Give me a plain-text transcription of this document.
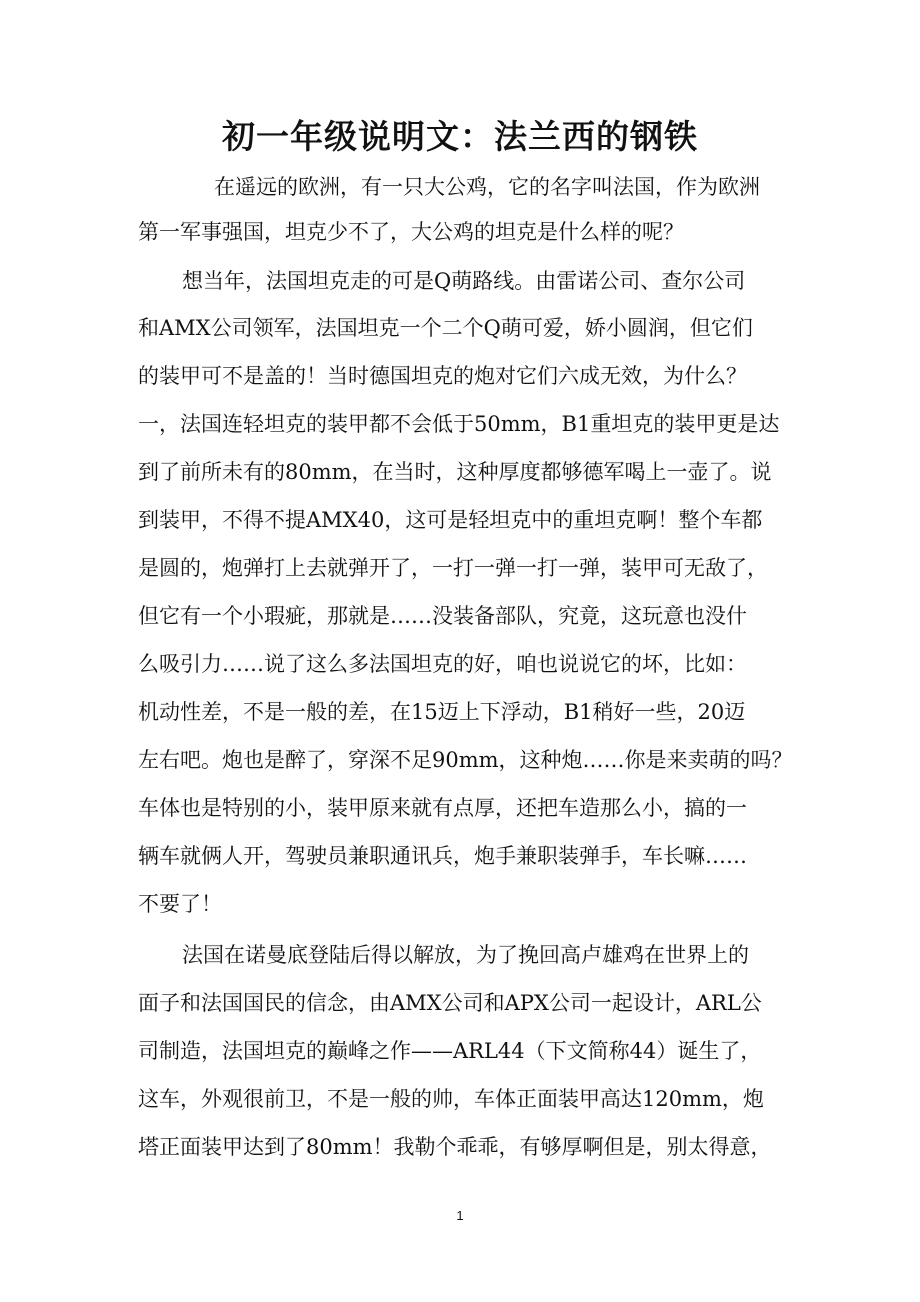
初一年级说明文：法兰西的钢铁
在遥远的欧洲，有一只大公鸡，它的名字叫法国，作为欧洲
第一军事强国，坦克少不了，大公鸡的坦克是什么样的呢？
想当年，法国坦克走的可是Q萌路线。由雷诺公司、查尔公司
和AMX公司领军，法国坦克一个二个Q萌可爱，娇小圆润，但它们
的装甲可不是盖的！当时德国坦克的炮对它们六成无效，为什么？
一，法国连轻坦克的装甲都不会低于50mm，B1重坦克的装甲更是达
到了前所未有的80mm，在当时，这种厚度都够德军喝上一壶了。说
到装甲，不得不提AMX40，这可是轻坦克中的重坦克啊！整个车都
是圆的，炮弹打上去就弹开了，一打一弹一打一弹，装甲可无敌了，
但它有一个小瑕疵，那就是……没装备部队，究竟，这玩意也没什
么吸引力……说了这么多法国坦克的好，咱也说说它的坏，比如：
机动性差，不是一般的差，在15迈上下浮动，B1稍好一些，20迈
左右吧。炮也是醉了，穿深不足90mm，这种炮……你是来卖萌的吗？
车体也是特别的小，装甲原来就有点厚，还把车造那么小，搞的一
辆车就俩人开，驾驶员兼职通讯兵，炮手兼职装弹手，车长嘛……
不要了！
法国在诺曼底登陆后得以解放，为了挽回高卢雄鸡在世界上的
面子和法国国民的信念，由AMX公司和APX公司一起设计，ARL公
司制造，法国坦克的巅峰之作——ARL44（下文简称44）诞生了，
这车，外观很前卫，不是一般的帅，车体正面装甲高达120mm，炮
塔正面装甲达到了80mm！我勒个乖乖，有够厚啊但是，别太得意，
1
